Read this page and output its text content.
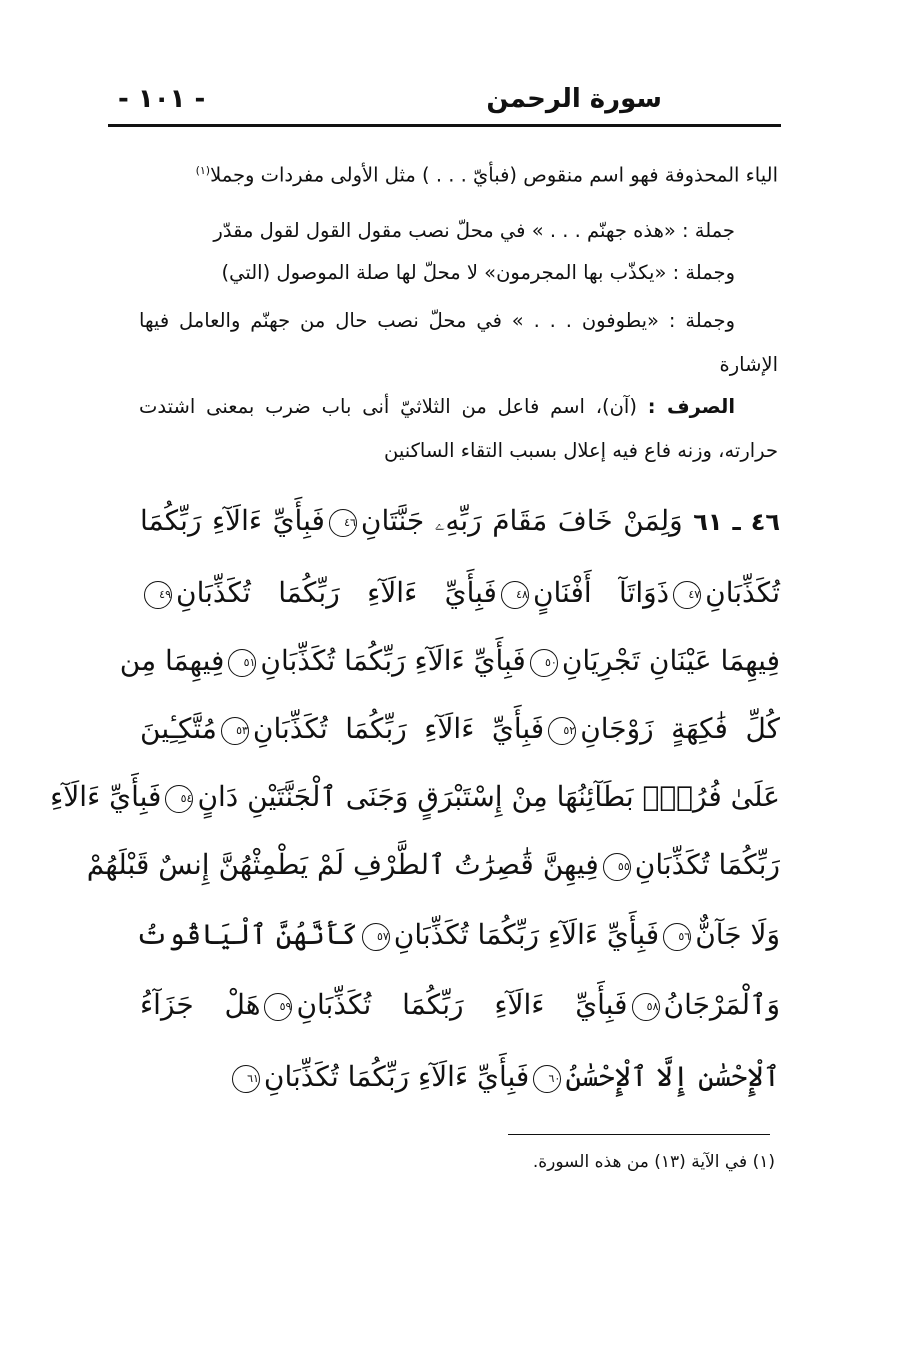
سورة الرحمن
- ١٠١ -
الياء المحذوفة فهو اسم منقوص (فبأيّ . . . ) مثل الأولى مفردات وجملا$^{(١)}$
جملة : «هذه جهنّم . . . » في محلّ نصب مقول القول لقول مقدّر
وجملة : «يكذّب بها المجرمون» لا محلّ لها صلة الموصول (التي)
وجملة : «يطوفون . . . » في محلّ نصب حال من جهنّم والعامل فيها
الإشارة
الصرف : (آن)، اسم فاعل من الثلاثيّ أنى باب ضرب بمعنى اشتدت
حرارته، وزنه فاع فيه إعلال بسبب التقاء الساكنين
٤٦ ـ ٦١ وَلِمَنْ خَافَ مَقَامَ رَبِّهِۦ جَنَّتَانِ٤٦فَبِأَيِّ ءَالَآءِ رَبِّكُمَا
تُكَذِّبَانِ٤٧ذَوَاتَآ أَفْنَانٍ٤٨فَبِأَيِّ ءَالَآءِ رَبِّكُمَا تُكَذِّبَانِ٤٩
فِيهِمَا عَيْنَانِ تَجْرِيَانِ٥٠فَبِأَيِّ ءَالَآءِ رَبِّكُمَا تُكَذِّبَانِ٥١فِيهِمَا مِن
كُلِّ فَٰكِهَةٍ زَوْجَانِ٥٢فَبِأَيِّ ءَالَآءِ رَبِّكُمَا تُكَذِّبَانِ٥٣مُتَّكِـِٔينَ
عَلَىٰ فُرُشٍۭ بَطَآئِنُهَا مِنْ إِسْتَبْرَقٍ وَجَنَى ٱلْجَنَّتَيْنِ دَانٍ٥٤فَبِأَيِّ ءَالَآءِ
رَبِّكُمَا تُكَذِّبَانِ٥٥فِيهِنَّ قَٰصِرَٰتُ ٱلطَّرْفِ لَمْ يَطْمِثْهُنَّ إِنسٌ قَبْلَهُمْ
وَلَا جَآنٌّ٥٦فَبِأَيِّ ءَالَآءِ رَبِّكُمَا تُكَذِّبَانِ٥٧كَأَنَّهُنَّ ٱلْيَاقُوتُ
وَٱلْمَرْجَانُ٥٨فَبِأَيِّ ءَالَآءِ رَبِّكُمَا تُكَذِّبَانِ٥٩هَلْ جَزَآءُ
ٱلْإِحْسَٰنِ إِلَّا ٱلْإِحْسَٰنُ٦٠فَبِأَيِّ ءَالَآءِ رَبِّكُمَا تُكَذِّبَانِ٦١
(١) في الآية (١٣) من هذه السورة.
